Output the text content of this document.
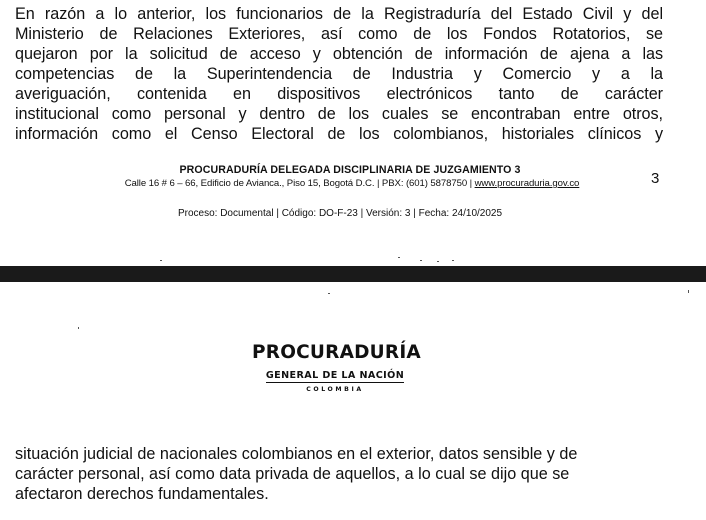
En razón a lo anterior, los funcionarios de la Registraduría del Estado Civil y del
Ministerio de Relaciones Exteriores, así como de los Fondos Rotatorios, se
quejaron por la solicitud de acceso y obtención de información de ajena a las
competencias de la Superintendencia de Industria y Comercio y a la
averiguación, contenida en dispositivos electrónicos tanto de carácter
institucional como personal y dentro de los cuales se encontraban entre otros,
información como el Censo Electoral de los colombianos, historiales clínicos y

PROCURADURÍA DELEGADA DISCIPLINARIA DE JUZGAMIENTO 3
Calle 16 # 6 – 66, Edificio de Avianca., Piso 15, Bogotá D.C. | PBX: (601) 5878750 | www.procuraduria.gov.co	3
Proceso: Documental | Código: DO-F-23 | Versión: 3 | Fecha: 24/10/2025
PROCURADURÍA
GENERAL DE LA NACIÓN
COLOMBIA

situación judicial de nacionales colombianos en el exterior, datos sensible y de
carácter personal, así como data privada de aquellos, a lo cual se dijo que se
afectaron derechos fundamentales.
